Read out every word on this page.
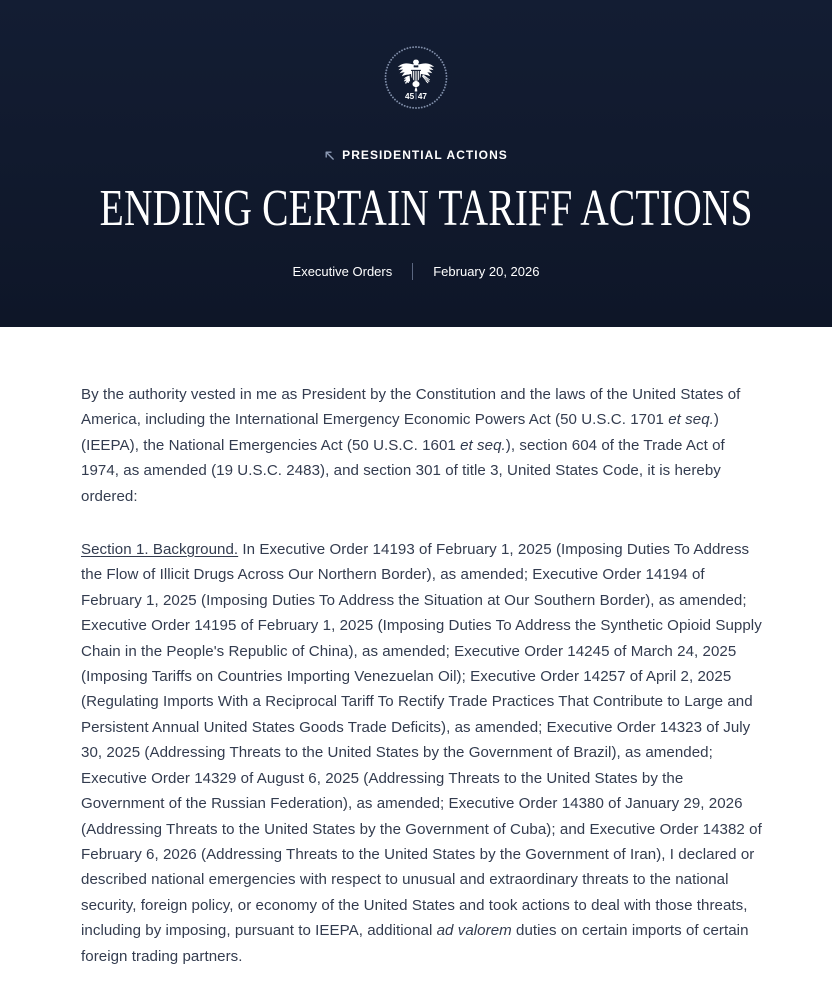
45 47
PRESIDENTIAL ACTIONS
ENDING CERTAIN TARIFF ACTIONS
Executive Orders	February 20, 2026

By the authority vested in me as President by the Constitution and the laws of the United States of America, including the International Emergency Economic Powers Act (50 U.S.C. 1701 et seq.) (IEEPA), the National Emergencies Act (50 U.S.C. 1601 et seq.), section 604 of the Trade Act of 1974, as amended (19 U.S.C. 2483), and section 301 of title 3, United States Code, it is hereby ordered:

Section 1. Background. In Executive Order 14193 of February 1, 2025 (Imposing Duties To Address the Flow of Illicit Drugs Across Our Northern Border), as amended; Executive Order 14194 of February 1, 2025 (Imposing Duties To Address the Situation at Our Southern Border), as amended; Executive Order 14195 of February 1, 2025 (Imposing Duties To Address the Synthetic Opioid Supply Chain in the People's Republic of China), as amended; Executive Order 14245 of March 24, 2025 (Imposing Tariffs on Countries Importing Venezuelan Oil); Executive Order 14257 of April 2, 2025 (Regulating Imports With a Reciprocal Tariff To Rectify Trade Practices That Contribute to Large and Persistent Annual United States Goods Trade Deficits), as amended; Executive Order 14323 of July 30, 2025 (Addressing Threats to the United States by the Government of Brazil), as amended; Executive Order 14329 of August 6, 2025 (Addressing Threats to the United States by the Government of the Russian Federation), as amended; Executive Order 14380 of January 29, 2026 (Addressing Threats to the United States by the Government of Cuba); and Executive Order 14382 of February 6, 2026 (Addressing Threats to the United States by the Government of Iran), I declared or described national emergencies with respect to unusual and extraordinary threats to the national security, foreign policy, or economy of the United States and took actions to deal with those threats, including by imposing, pursuant to IEEPA, additional ad valorem duties on certain imports of certain foreign trading partners.
